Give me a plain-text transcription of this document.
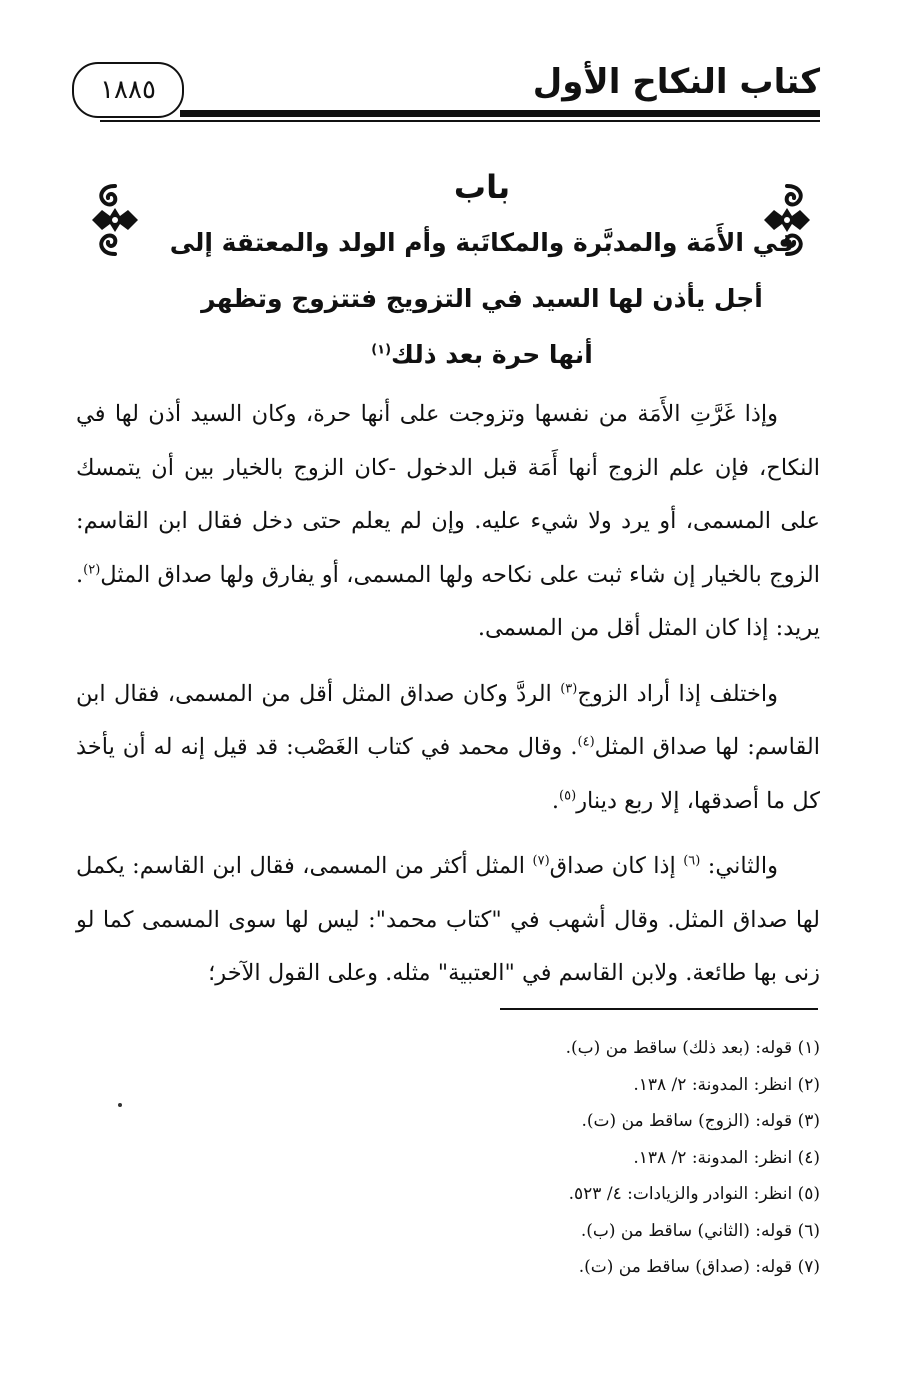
كتاب النكاح الأول
١٨٨٥
باب
في الأَمَة والمدبَّرة والمكاتَبة وأم الولد والمعتقة إلى
أجل يأذن لها السيد في التزويج فتتزوج وتظهر
أنها حرة بعد ذلك$^{(١)}$

وإذا غَرَّتِ الأَمَة من نفسها وتزوجت على أنها حرة، وكان السيد أذن لها في النكاح، فإن علم الزوج أنها أَمَة قبل الدخول -كان الزوج بالخيار بين أن يتمسك على المسمى، أو يرد ولا شيء عليه. وإن لم يعلم حتى دخل فقال ابن القاسم: الزوج بالخيار إن شاء ثبت على نكاحه ولها المسمى، أو يفارق ولها صداق المثل$^{(٢)}$. يريد: إذا كان المثل أقل من المسمى.

واختلف إذا أراد الزوج$^{(٣)}$ الردَّ وكان صداق المثل أقل من المسمى، فقال ابن القاسم: لها صداق المثل$^{(٤)}$. وقال محمد في كتاب الغَصْب: قد قيل إنه له أن يأخذ كل ما أصدقها، إلا ربع دينار$^{(٥)}$.

والثاني: $^{(٦)}$ إذا كان صداق$^{(٧)}$ المثل أكثر من المسمى، فقال ابن القاسم: يكمل لها صداق المثل. وقال أشهب في "كتاب محمد": ليس لها سوى المسمى كما لو زنى بها طائعة. ولابن القاسم في "العتبية" مثله. وعلى القول الآخر؛

(١) قوله: (بعد ذلك) ساقط من (ب).
(٢) انظر: المدونة: ٢/ ١٣٨.
(٣) قوله: (الزوج) ساقط من (ت).
(٤) انظر: المدونة: ٢/ ١٣٨.
(٥) انظر: النوادر والزيادات: ٤/ ٥٢٣.
(٦) قوله: (الثاني) ساقط من (ب).
(٧) قوله: (صداق) ساقط من (ت).
